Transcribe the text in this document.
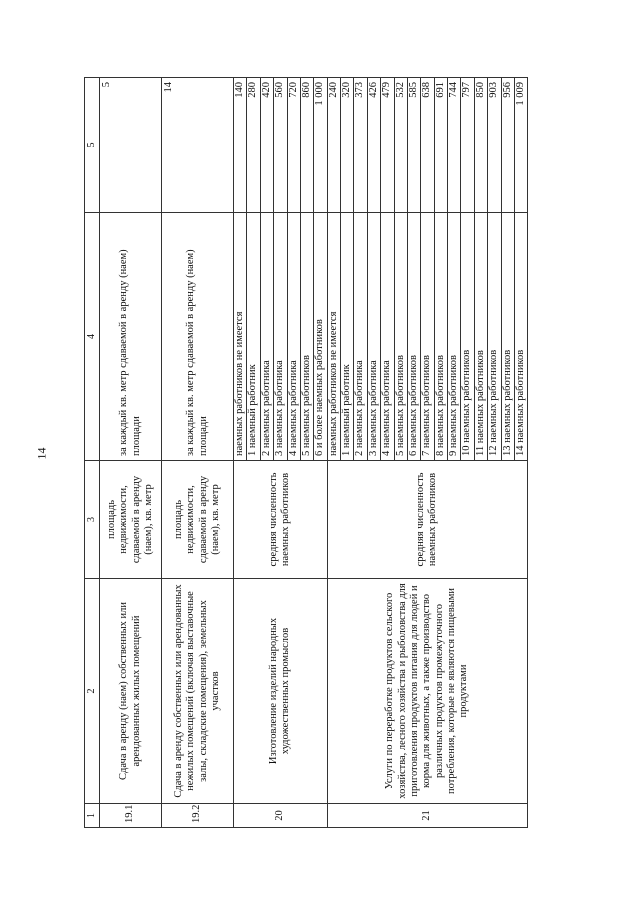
14
1	2	3	4	5
19.1	Сдача в аренду (наем) собственных или арендованных жилых помещений	площадь недвижимости, сдаваемой в аренду (наем), кв. метр	за каждый кв. метр сдаваемой в аренду (наем) площади	5
19.2	Сдача в аренду собственных или арендованных нежилых помещений (включая выставочные залы, складские помещения), земельных участков	площадь недвижимости, сдаваемой в аренду (наем), кв. метр	за каждый кв. метр сдаваемой в аренду (наем) площади	14
20	Изготовление изделий народных художественных промыслов	средняя численность наемных работников	наемных работников не имеется	140
			1 наемный работник	280
			2 наемных работника	420
			3 наемных работника	560
			4 наемных работника	720
			5 наемных работников	860
			6 и более наемных работников	1 000
21	Услуги по переработке продуктов сельского хозяйства, лесного хозяйства и рыболовства для приготовления продуктов питания для людей и корма для животных, а также производство различных продуктов промежуточного потребления, которые не являются пищевыми продуктами	средняя численность наемных работников	наемных работников не имеется	240
			1 наемный работник	320
			2 наемных работника	373
			3 наемных работника	426
			4 наемных работника	479
			5 наемных работников	532
			6 наемных работников	585
			7 наемных работников	638
			8 наемных работников	691
			9 наемных работников	744
			10 наемных работников	797
			11 наемных работников	850
			12 наемных работников	903
			13 наемных работников	956
			14 наемных работников	1 009
